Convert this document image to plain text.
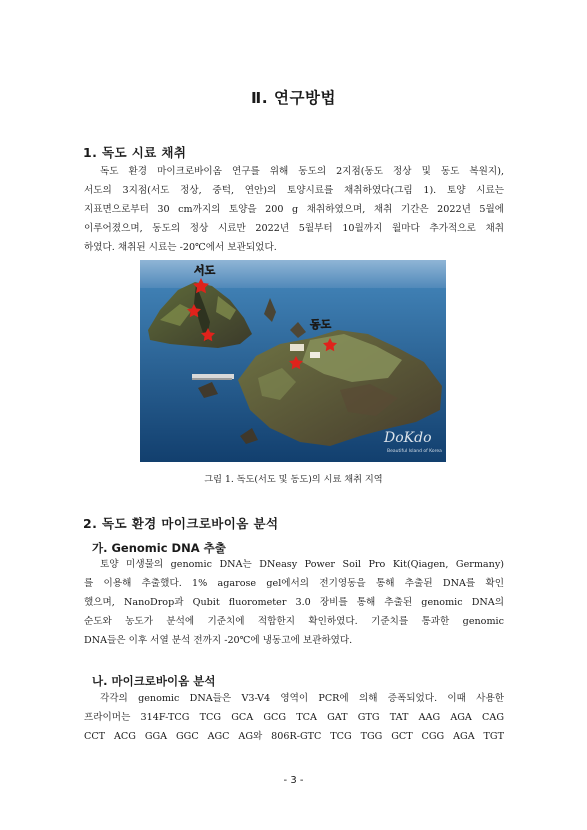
Ⅱ. 연구방법
1. 독도 시료 채취
독도 환경 마이크로바이옴 연구를 위해 동도의 2지점(동도 정상 및 동도 복원지),
서도의 3지점(서도 정상, 중턱, 연안)의 토양시료를 채취하였다(그림 1). 토양 시료는
지표면으로부터 30 cm까지의 토양을 200 g 채취하였으며, 채취 기간은 2022년 5월에
이루어졌으며, 동도의 정상 시료만 2022년 5월부터 10월까지 월마다 추가적으로 채취
하였다. 채취된 시료는 -20℃에서 보관되었다.
서도
동도
DoKdo
Beautiful Island of Korea
그림 1. 독도(서도 및 동도)의 시료 채취 지역
2. 독도 환경 마이크로바이옴 분석
가. Genomic DNA 추출
토양 미생물의 genomic DNA는 DNeasy Power Soil Pro Kit(Qiagen, Germany)
를 이용해 추출했다. 1% agarose gel에서의 전기영동을 통해 추출된 DNA를 확인
했으며, NanoDrop과 Qubit fluorometer 3.0 장비를 통해 추출된 genomic DNA의
순도와 농도가 분석에 기준치에 적합한지 확인하였다. 기준치를 통과한 genomic
DNA들은 이후 서열 분석 전까지 -20℃에 냉동고에 보관하였다.
나. 마이크로바이옴 분석
각각의 genomic DNA들은 V3-V4 영역이 PCR에 의해 증폭되었다. 이때 사용한
프라이머는 314F-TCG TCG GCA GCG TCA GAT GTG TAT AAG AGA CAG
CCT ACG GGA GGC AGC AG와 806R-GTC TCG TGG GCT CGG AGA TGT
- 3 -
